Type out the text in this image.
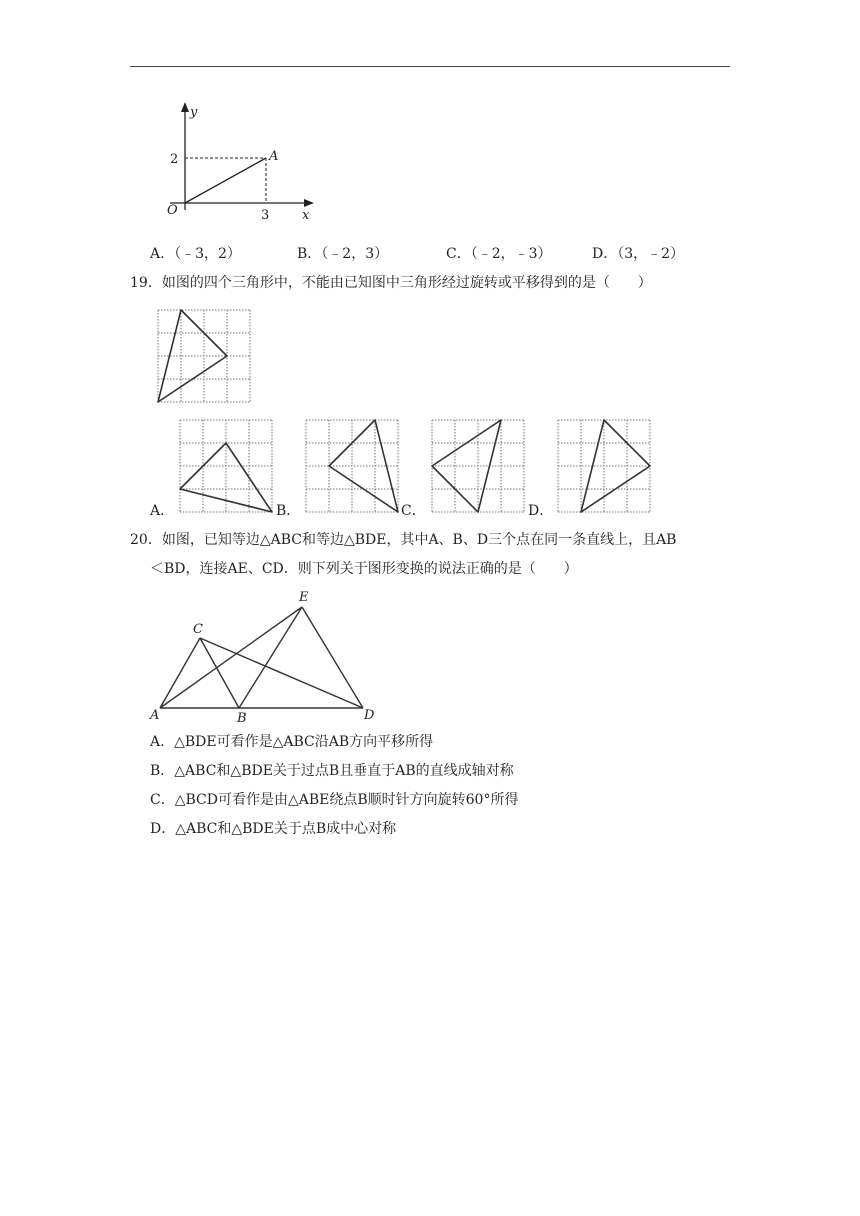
y
x
O
A
2
3
A．（﹣3，2）	B．（﹣2，3）	C．（﹣2，﹣3）	D．（3，﹣2）
19．如图的四个三角形中，不能由已知图中三角形经过旋转或平移得到的是（　　）
A．	B．	C．	D．
20．如图，已知等边△ABC和等边△BDE，其中A、B、D三个点在同一条直线上，且AB
＜BD，连接AE、CD．则下列关于图形变换的说法正确的是（　　）
A	B
C
D
E
A．△BDE可看作是△ABC沿AB方向平移所得
B．△ABC和△BDE关于过点B且垂直于AB的直线成轴对称
C．△BCD可看作是由△ABE绕点B顺时针方向旋转60°所得
D．△ABC和△BDE关于点B成中心对称
